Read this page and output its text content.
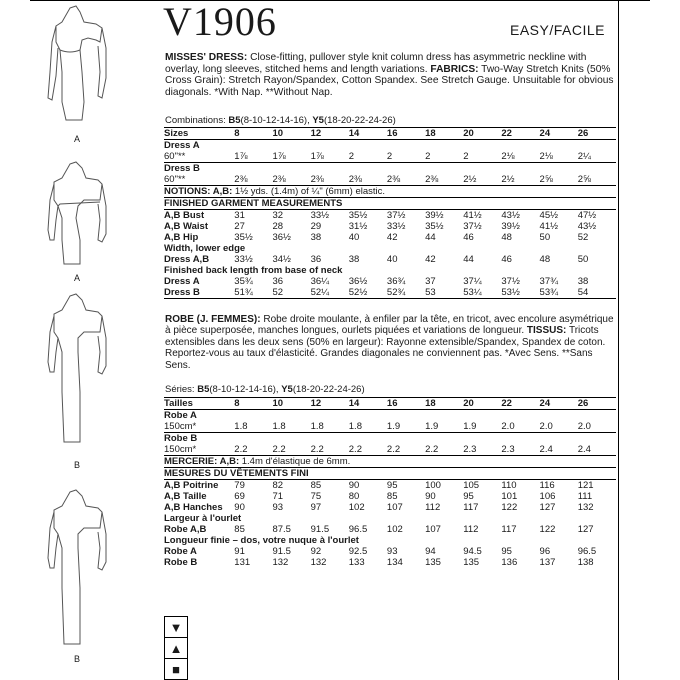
A
A
B
B
V1906	EASY/FACILE
MISSES' DRESS: Close-fitting, pullover style knit column dress has asymmetric neckline with overlay, long sleeves, stitched hems and length variations. FABRICS: Two-Way Stretch Knits (50% Cross Grain): Stretch Rayon/Spandex, Cotton Spandex. See Stretch Gauge. Unsuitable for obvious diagonals. *With Nap. **Without Nap.
Combinations: B5(8-10-12-14-16), Y5(18-20-22-24-26)
Sizes	8	10	12	14	16	18	20	22	24	26
Dress A										
60"**	1⅞	1⅞	1⅞	2	2	2	2	2⅛	2⅛	2¼
Dress B										
60"**	2⅜	2⅜	2⅜	2⅜	2⅜	2⅜	2½	2½	2⅝	2⅝
NOTIONS: A,B: 1½ yds. (1.4m) of ¼" (6mm) elastic.										
FINISHED GARMENT MEASUREMENTS										
A,B Bust	31	32	33½	35½	37½	39½	41½	43½	45½	47½
A,B Waist	27	28	29	31½	33½	35½	37½	39½	41½	43½
A,B Hip	35½	36½	38	40	42	44	46	48	50	52
Width, lower edge										
Dress A,B	33½	34½	36	38	40	42	44	46	48	50
Finished back length from base of neck										
Dress A	35¾	36	36¼	36½	36¾	37	37¼	37½	37¾	38
Dress B	51¾	52	52¼	52½	52¾	53	53¼	53½	53¾	54
ROBE (J. FEMMES): Robe droite moulante, à enfiler par la tête, en tricot, avec encolure asymétrique à pièce superposée, manches longues, ourlets piquées et variations de longueur. TISSUS: Tricots extensibles dans les deux sens (50% en largeur): Rayonne extensible/Spandex, Spandex de coton. Reportez-vous au taux d'élasticité. Grandes diagonales ne conviennent pas. *Avec Sens. **Sans Sens.
Séries: B5(8-10-12-14-16), Y5(18-20-22-24-26)
Tailles	8	10	12	14	16	18	20	22	24	26
Robe A										
150cm*	1.8	1.8	1.8	1.8	1.9	1.9	1.9	2.0	2.0	2.0
Robe B										
150cm*	2.2	2.2	2.2	2.2	2.2	2.2	2.3	2.3	2.4	2.4
MERCERIE: A,B: 1.4m d'élastique de 6mm.										
MESURES DU VÊTEMENTS FINI										
A,B Poitrine	79	82	85	90	95	100	105	110	116	121
A,B Taille	69	71	75	80	85	90	95	101	106	111
A,B Hanches	90	93	97	102	107	112	117	122	127	132
Largeur à l'ourlet										
Robe A,B	85	87.5	91.5	96.5	102	107	112	117	122	127
Longueur finie – dos, votre nuque à l'ourlet										
Robe A	91	91.5	92	92.5	93	94	94.5	95	96	96.5
Robe B	131	132	132	133	134	135	135	136	137	138
▼
▲
■
